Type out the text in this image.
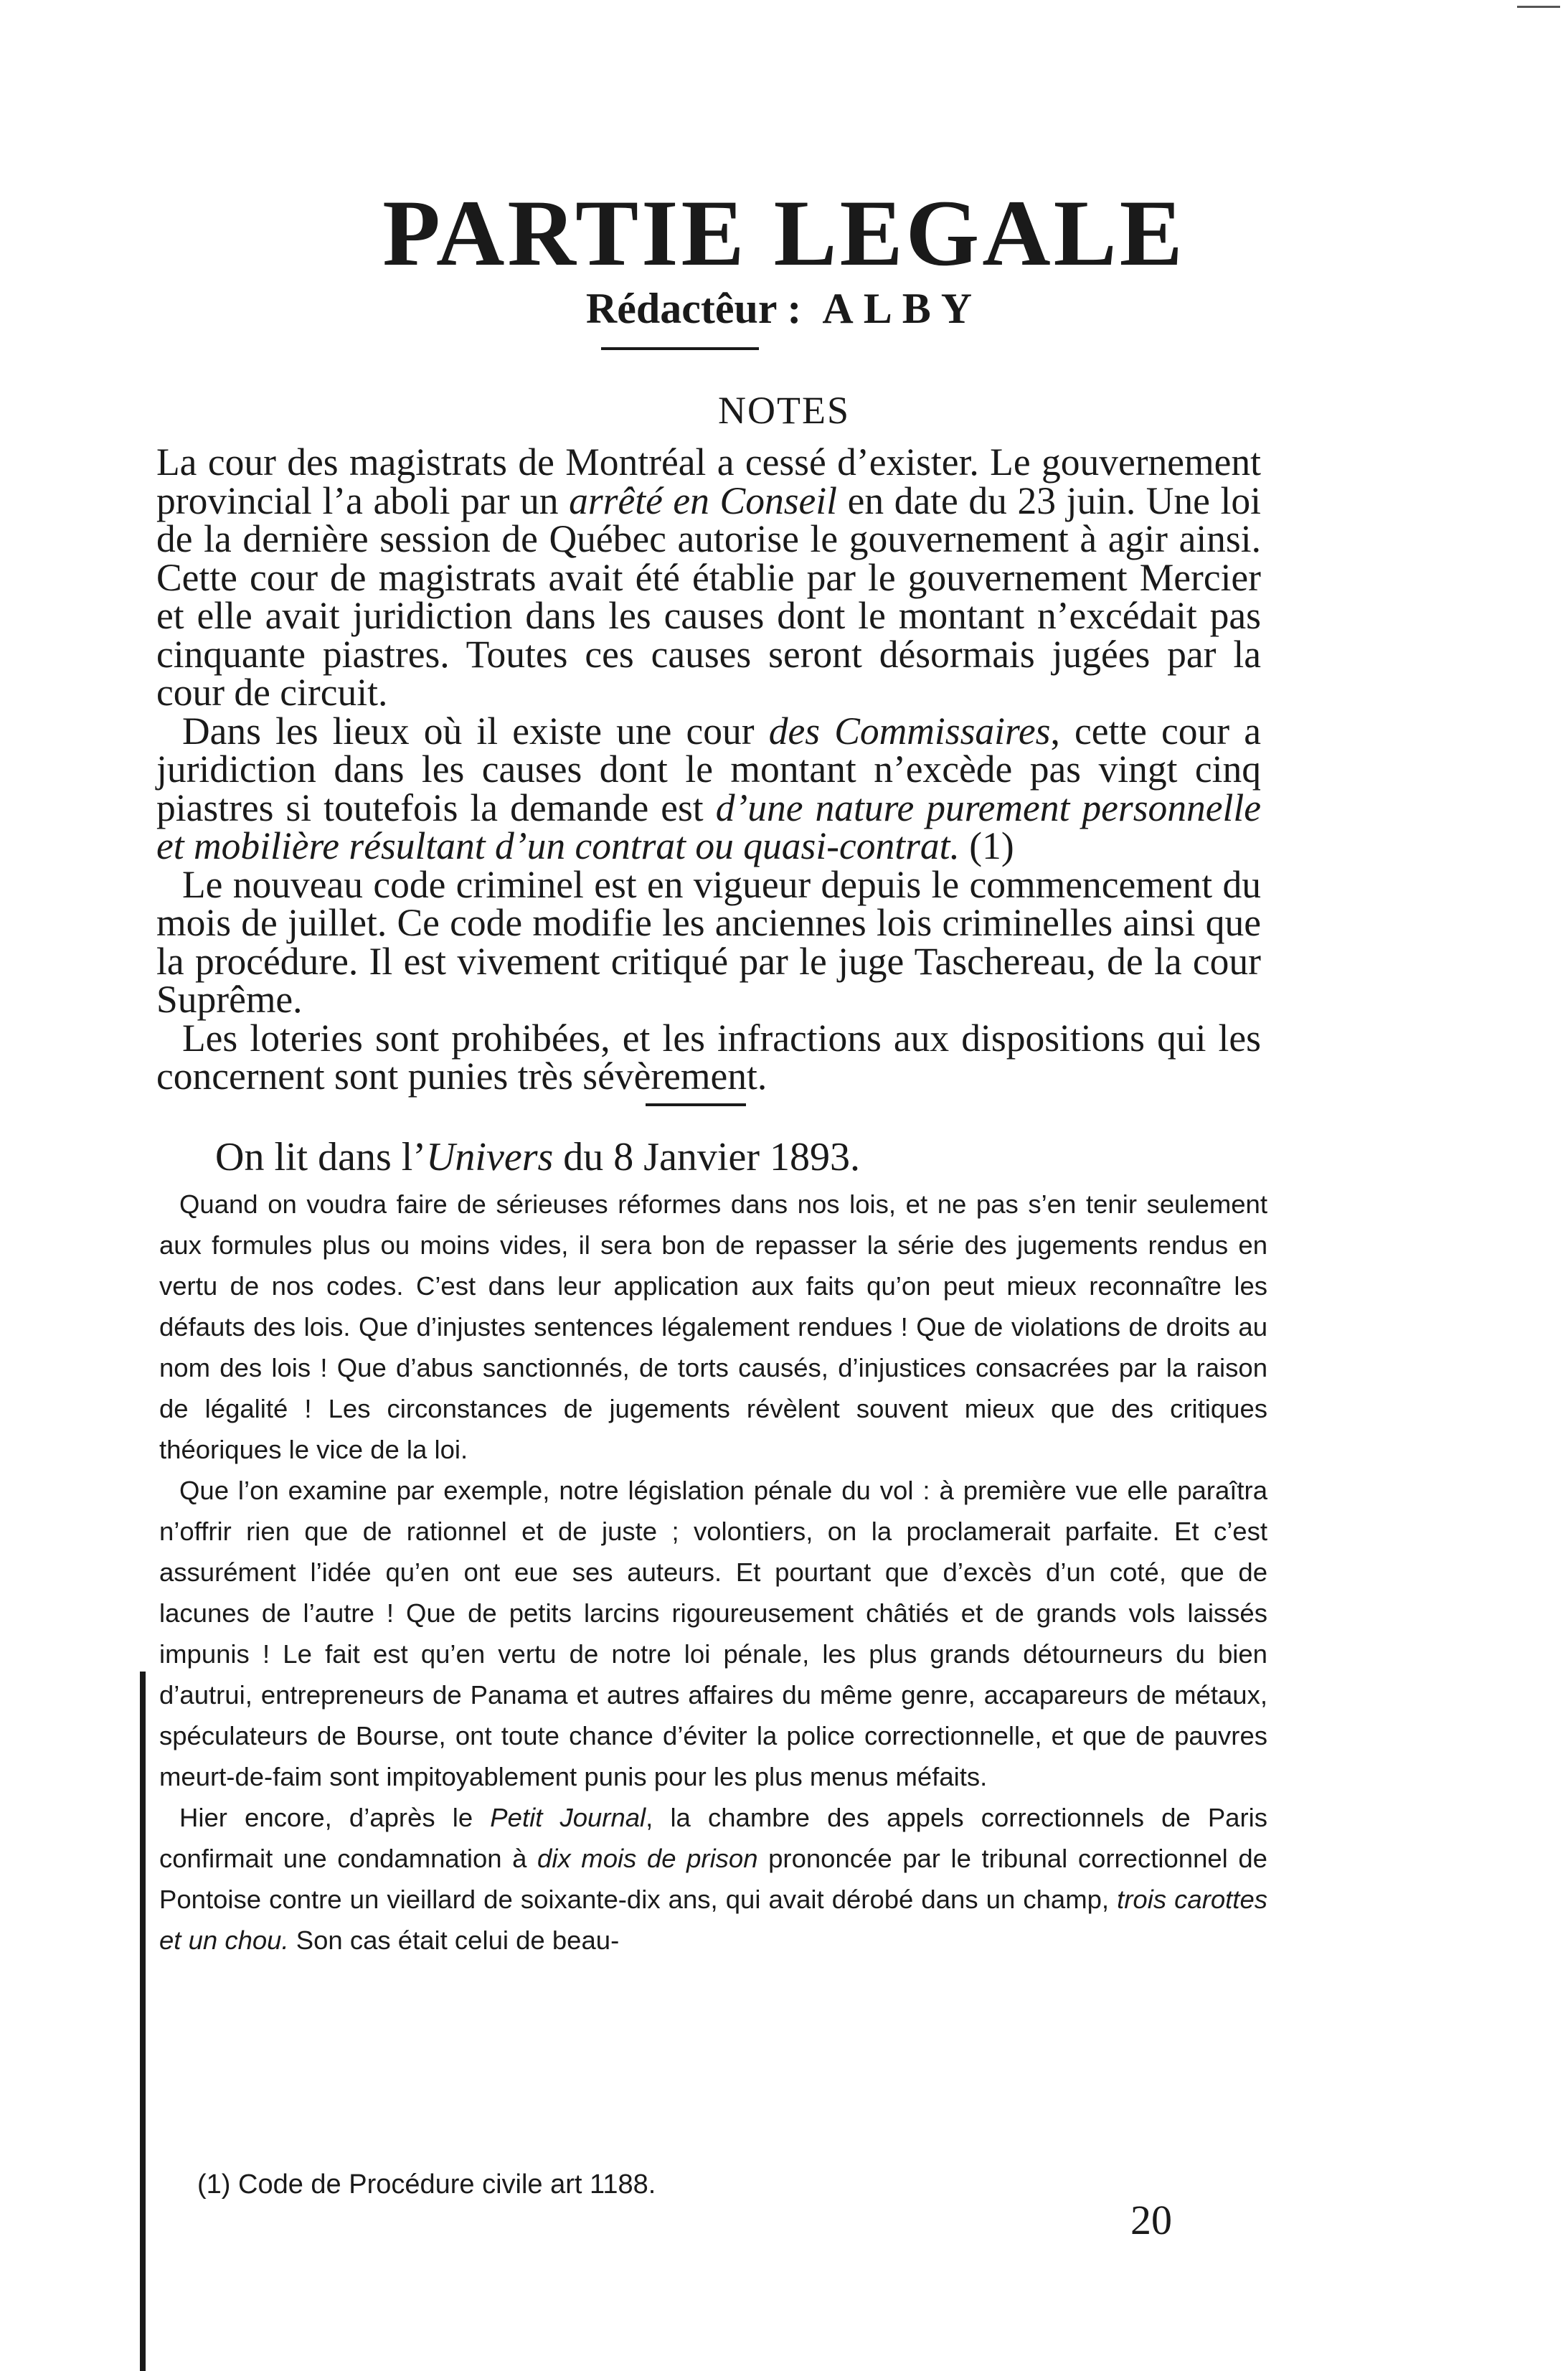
PARTIE LEGALE
Rédactêur : ALBY
NOTES

La cour des magistrats de Montréal a cessé d’exister. Le gouvernement provincial l’a aboli par un arrêté en Conseil en date du 23 juin. Une loi de la dernière session de Québec autorise le gouvernement à agir ainsi. Cette cour de magistrats avait été établie par le gouvernement Mercier et elle avait juridiction dans les causes dont le montant n’excédait pas cinquante piastres. Toutes ces causes seront désormais jugées par la cour de circuit.

Dans les lieux où il existe une cour des Commissaires, cette cour a juridiction dans les causes dont le montant n’excède pas vingt cinq piastres si toutefois la demande est d’une nature purement personnelle et mobilière résultant d’un contrat ou quasi-contrat. (1)

Le nouveau code criminel est en vigueur depuis le commencement du mois de juillet. Ce code modifie les anciennes lois criminelles ainsi que la procédure. Il est vivement critiqué par le juge Taschereau, de la cour Suprême.

Les loteries sont prohibées, et les infractions aux dispositions qui les concernent sont punies très sévèrement.

On lit dans l’Univers du 8 Janvier 1893.

Quand on voudra faire de sérieuses réformes dans nos lois, et ne pas s’en tenir seulement aux formules plus ou moins vides, il sera bon de repasser la série des jugements rendus en vertu de nos codes. C’est dans leur application aux faits qu’on peut mieux reconnaître les défauts des lois. Que d’injustes sentences légalement rendues ! Que de violations de droits au nom des lois ! Que d’abus sanctionnés, de torts causés, d’injustices consacrées par la raison de légalité ! Les circonstances de jugements révèlent souvent mieux que des critiques théoriques le vice de la loi.

Que l’on examine par exemple, notre législation pénale du vol : à première vue elle paraîtra n’offrir rien que de rationnel et de juste ; volontiers, on la proclamerait parfaite. Et c’est assurément l’idée qu’en ont eue ses auteurs. Et pourtant que d’excès d’un coté, que de lacunes de l’autre ! Que de petits larcins rigoureusement châtiés et de grands vols laissés impunis ! Le fait est qu’en vertu de notre loi pénale, les plus grands détourneurs du bien d’autrui, entrepreneurs de Panama et autres affaires du même genre, accapareurs de métaux, spéculateurs de Bourse, ont toute chance d’éviter la police correctionnelle, et que de pauvres meurt-de-faim sont impitoyablement punis pour les plus menus méfaits.

Hier encore, d’après le Petit Journal, la chambre des appels correctionnels de Paris confirmait une condamnation à dix mois de prison prononcée par le tribunal correctionnel de Pontoise contre un vieillard de soixante-dix ans, qui avait dérobé dans un champ, trois carottes et un chou. Son cas était celui de beau-

(1) Code de Procédure civile art 1188.
20
